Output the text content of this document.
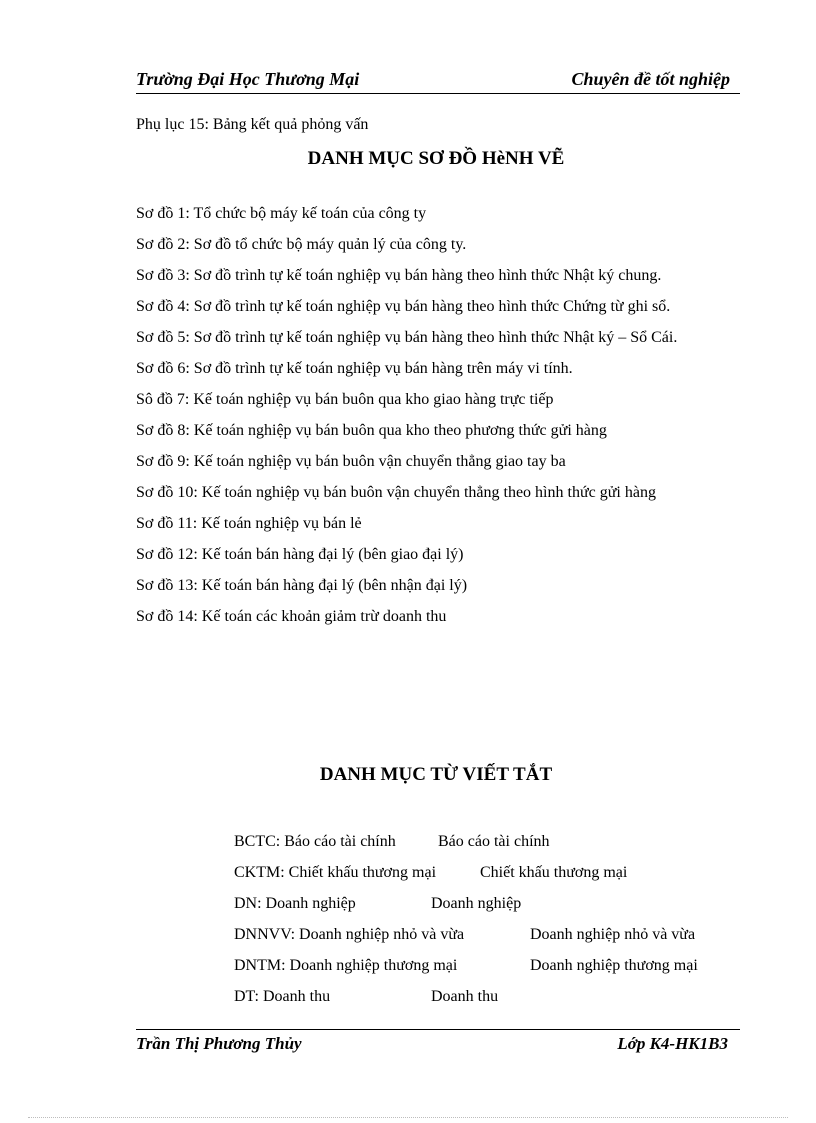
Trường Đại Học Thương Mại	Chuyên đề tốt nghiệp
Phụ lục 15: Bảng kết quả phỏng vấn
DANH MỤC SƠ ĐỒ HèNH VẼ
Sơ đồ 1: Tổ chức bộ máy kế toán của công ty
Sơ đồ 2: Sơ đồ tổ chức bộ máy quản lý của công ty.
Sơ đồ 3: Sơ đồ trình tự kế toán nghiệp vụ bán hàng theo hình thức Nhật ký chung.
Sơ đồ 4: Sơ đồ trình tự kế toán nghiệp vụ bán hàng theo hình thức Chứng từ ghi sổ.
Sơ đồ 5: Sơ đồ trình tự kế toán nghiệp vụ bán hàng theo hình thức Nhật ký – Sổ Cái.
Sơ đồ 6: Sơ đồ trình tự kế toán nghiệp vụ bán hàng trên máy vi tính.
Sô đồ 7: Kế toán nghiệp vụ bán buôn qua kho giao hàng trực tiếp
Sơ đồ 8: Kế toán nghiệp vụ bán buôn qua kho theo phương thức gửi hàng
Sơ đồ 9: Kế toán nghiệp vụ bán buôn vận chuyển thẳng giao tay ba
Sơ đồ 10: Kế toán nghiệp vụ bán buôn vận chuyển thẳng theo hình thức gửi hàng
Sơ đồ 11: Kế toán nghiệp vụ bán lẻ
Sơ đồ 12: Kế toán bán hàng đại lý (bên giao đại lý)
Sơ đồ 13: Kế toán bán hàng đại lý (bên nhận đại lý)
Sơ đồ 14: Kế toán các khoản giảm trừ doanh thu
DANH MỤC TỪ VIẾT TẮT
BCTC: Báo cáo tài chính	Báo cáo tài chính
CKTM: Chiết khấu thương mại	Chiết khấu thương mại
DN: Doanh nghiệp	Doanh nghiệp
DNNVV: Doanh nghiệp nhỏ và vừa	Doanh nghiệp nhỏ và vừa
DNTM: Doanh nghiệp thương mại	Doanh nghiệp thương mại
DT: Doanh thu	Doanh thu
Trần Thị Phương Thủy	Lớp K4-HK1B3
